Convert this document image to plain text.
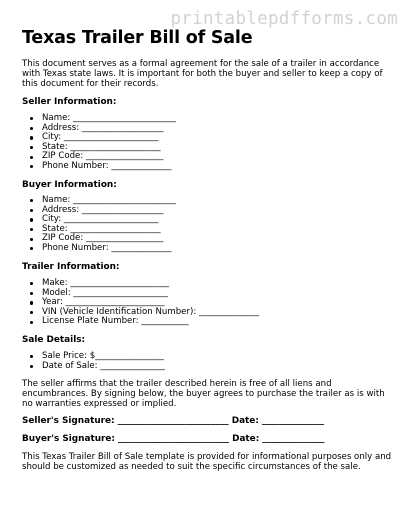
printablepdfforms.com
Texas Trailer Bill of Sale
This document serves as a formal agreement for the sale of a trailer in accordance with Texas state laws. It is important for both the buyer and seller to keep a copy of this document for their records.
Seller Information:
Name: ________________________
Address: ___________________
City: ______________________
State: _____________________
ZIP Code: __________________
Phone Number: ______________
Buyer Information:
Name: ________________________
Address: ___________________
City: ______________________
State: _____________________
ZIP Code: __________________
Phone Number: ______________
Trailer Information:
Make: _______________________
Model: ______________________
Year: _______________________
VIN (Vehicle Identification Number): ______________
License Plate Number: ___________
Sale Details:
Sale Price: $________________
Date of Sale: _______________
The seller affirms that the trailer described herein is free of all liens and encumbrances. By signing below, the buyer agrees to purchase the trailer as is with no warranties expressed or implied.
Seller's Signature: _________________________ Date: ______________
Buyer's Signature: _________________________ Date: ______________
This Texas Trailer Bill of Sale template is provided for informational purposes only and should be customized as needed to suit the specific circumstances of the sale.
